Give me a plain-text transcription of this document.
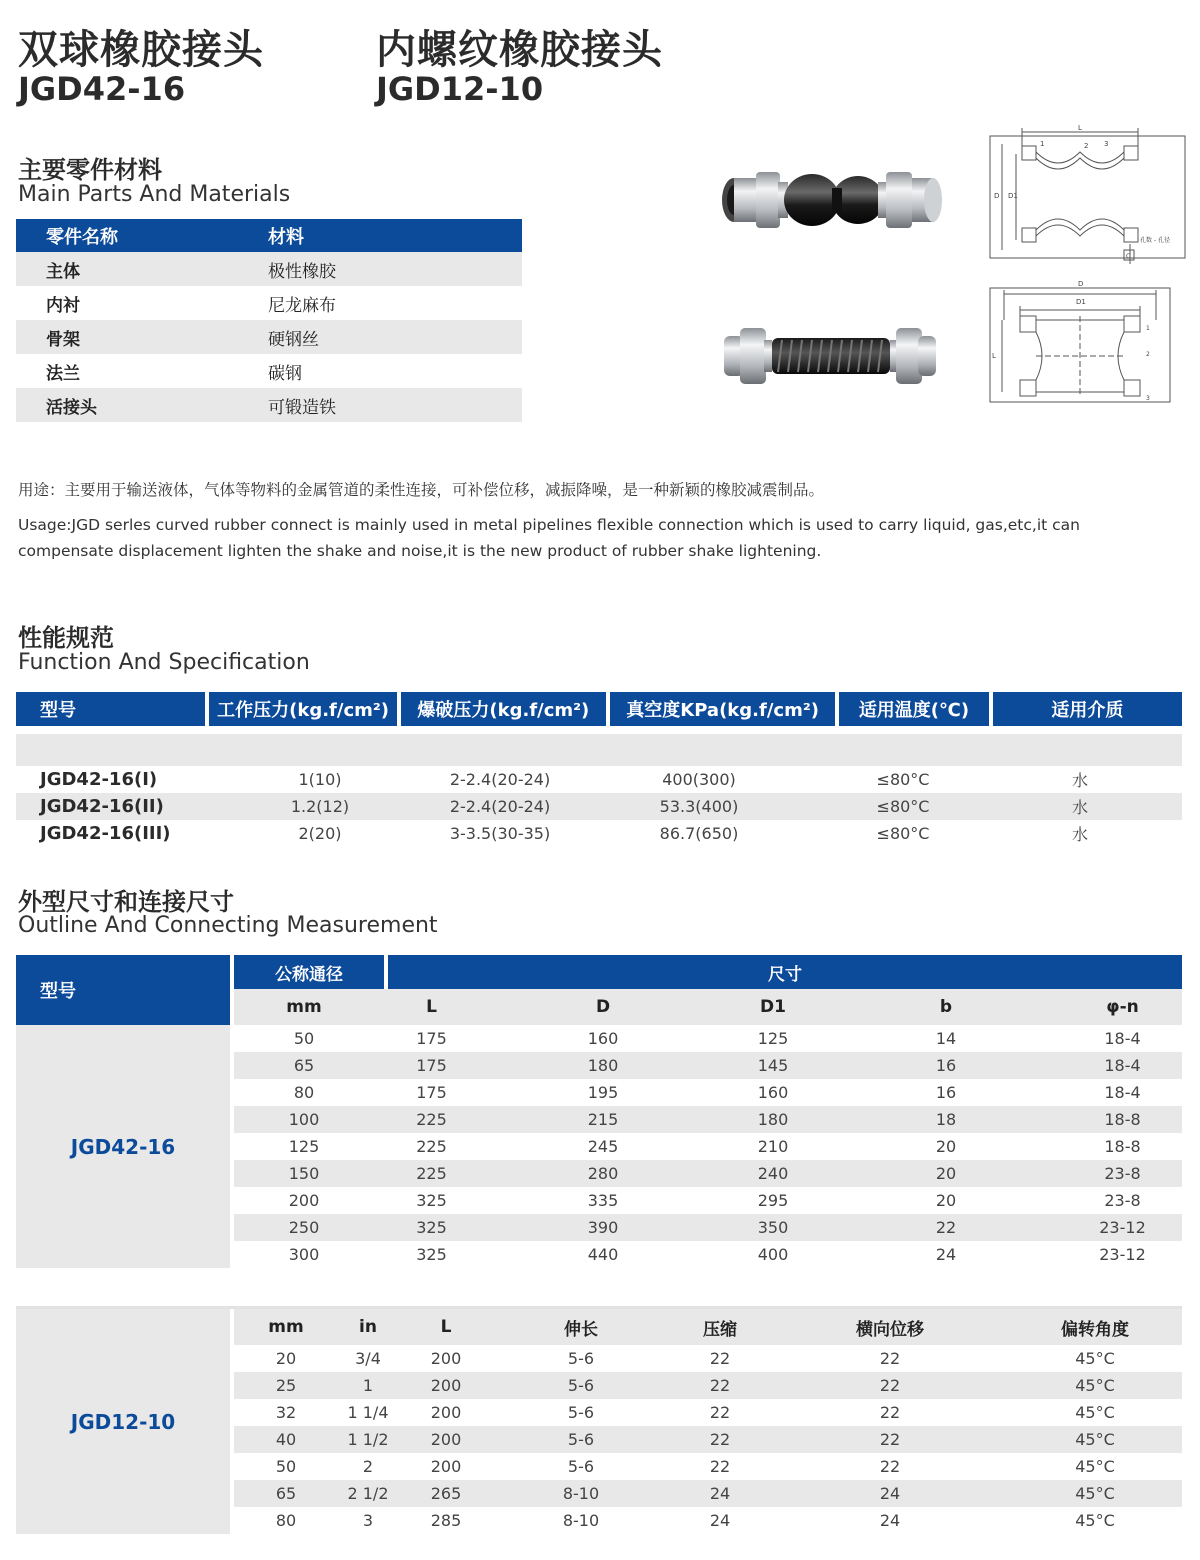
双球橡胶接头
JGD42-16
内螺纹橡胶接头
JGD12-10
主要零件材料
Main Parts And Materials
零件名称	材料
主体	极性橡胶
内衬	尼龙麻布
骨架	硬钢丝
法兰	碳钢
活接头	可锻造铁
L
1	2 3
D D1
孔数 - 孔径
C
D
D1
L
1
2
3
用途：主要用于输送液体，气体等物料的金属管道的柔性连接，可补偿位移，减振降噪，是一种新颖的橡胶减震制品。
Usage:JGD serles curved rubber connect is mainly used in metal pipelines flexible connection which is used to carry liquid, gas,etc,it can compensate displacement lighten the shake and noise,it is the new product of rubber shake lightening.
性能规范
Function And Specification
型号	工作压力(kg.f/cm²)	爆破压力(kg.f/cm²)	真空度KPa(kg.f/cm²)	适用温度(℃)	适用介质
JGD42-16(I)	1(10)	2-2.4(20-24)	400(300)	≤80°C	水
JGD42-16(II)	1.2(12)	2-2.4(20-24)	53.3(400)	≤80°C	水
JGD42-16(III)	2(20)	3-3.5(30-35)	86.7(650)	≤80°C	水
外型尺寸和连接尺寸
Outline And Connecting Measurement
型号
公称通径	尺寸
mm	L	D	D1	b	φ-n
JGD42-16
50	175	160	125	14	18-4
65	175	180	145	16	18-4
80	175	195	160	16	18-4
100	225	215	180	18	18-8
125	225	245	210	20	18-8
150	225	280	240	20	23-8
200	325	335	295	20	23-8
250	325	390	350	22	23-12
300	325	440	400	24	23-12
JGD12-10
mm	in	L	伸长	压缩	横向位移	偏转角度
20	3/4	200	5-6	22	22	45°C
25	1	200	5-6	22	22	45°C
32	1 1/4	200	5-6	22	22	45°C
40	1 1/2	200	5-6	22	22	45°C
50	2	200	5-6	22	22	45°C
65	2 1/2	265	8-10	24	24	45°C
80	3	285	8-10	24	24	45°C
